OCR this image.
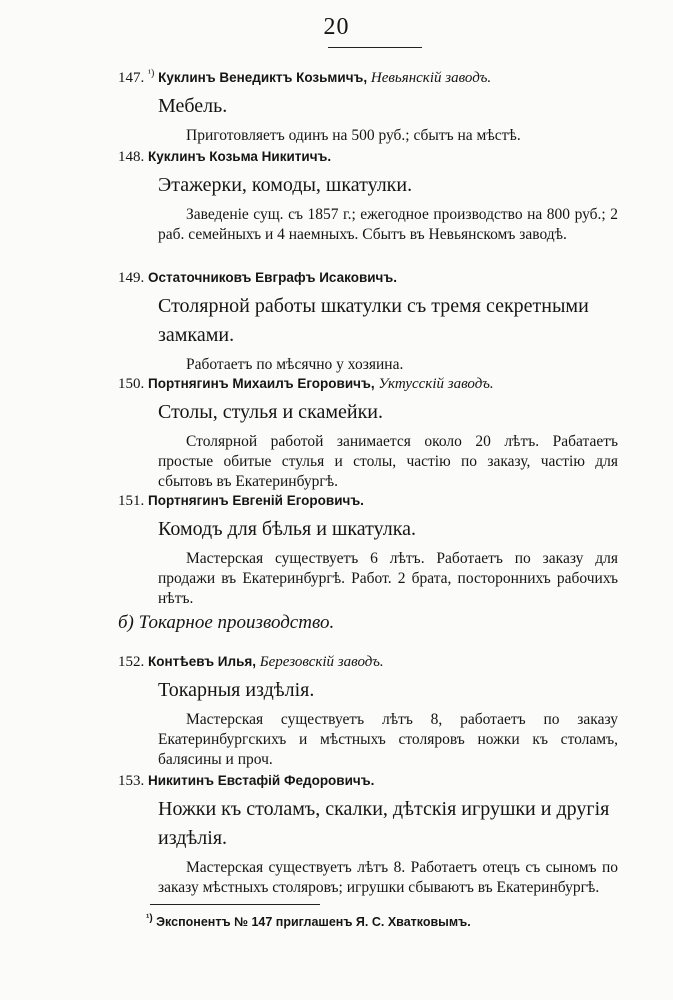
20
147. $^{^1)}$ Куклинъ Венедиктъ Козьмичъ, Невьянскій заводъ.
Мебель.
Приготовляетъ одинъ на 500 руб.; сбытъ на мѣстѣ.
148. Куклинъ Козьма Никитичъ.
Этажерки, комоды, шкатулки.
Заведеніе сущ. съ 1857 г.; ежегодное производство на 800 руб.; 2 раб. семейныхъ и 4 наемныхъ. Сбытъ въ Невьянскомъ заводѣ.
149. Остаточниковъ Евграфъ Исаковичъ.
Столярной работы шкатулки съ тремя секретными замками.
Работаетъ по мѣсячно у хозяина.
150. Портнягинъ Михаилъ Егоровичъ, Уктусскій заводъ.
Столы, стулья и скамейки.
Столярной работой занимается около 20 лѣтъ. Рабатаетъ простые обитые стулья и столы, частію по заказу, частію для сбытовъ въ Екатеринбургѣ.
151. Портнягинъ Евгеній Егоровичъ.
Комодъ для бѣлья и шкатулка.
Мастерская существуетъ 6 лѣтъ. Работаетъ по заказу для продажи въ Екатеринбургѣ. Работ. 2 брата, постороннихъ рабочихъ нѣтъ.
б) Токарное производство.
152. Контѣевъ Илья, Березовскій заводъ.
Токарныя издѣлія.
Мастерская существуетъ лѣтъ 8, работаетъ по заказу Екатеринбургскихъ и мѣстныхъ столяровъ ножки къ столамъ, балясины и проч.
153. Никитинъ Евстафій Федоровичъ.
Ножки къ столамъ, скалки, дѣтскія игрушки и другія издѣлія.
Мастерская существуетъ лѣтъ 8. Работаетъ отецъ съ сыномъ по заказу мѣстныхъ столяровъ; игрушки сбываютъ въ Екатеринбургѣ.
$^{^1)}$ Экспонентъ № 147 приглашенъ Я. С. Хватковымъ.
